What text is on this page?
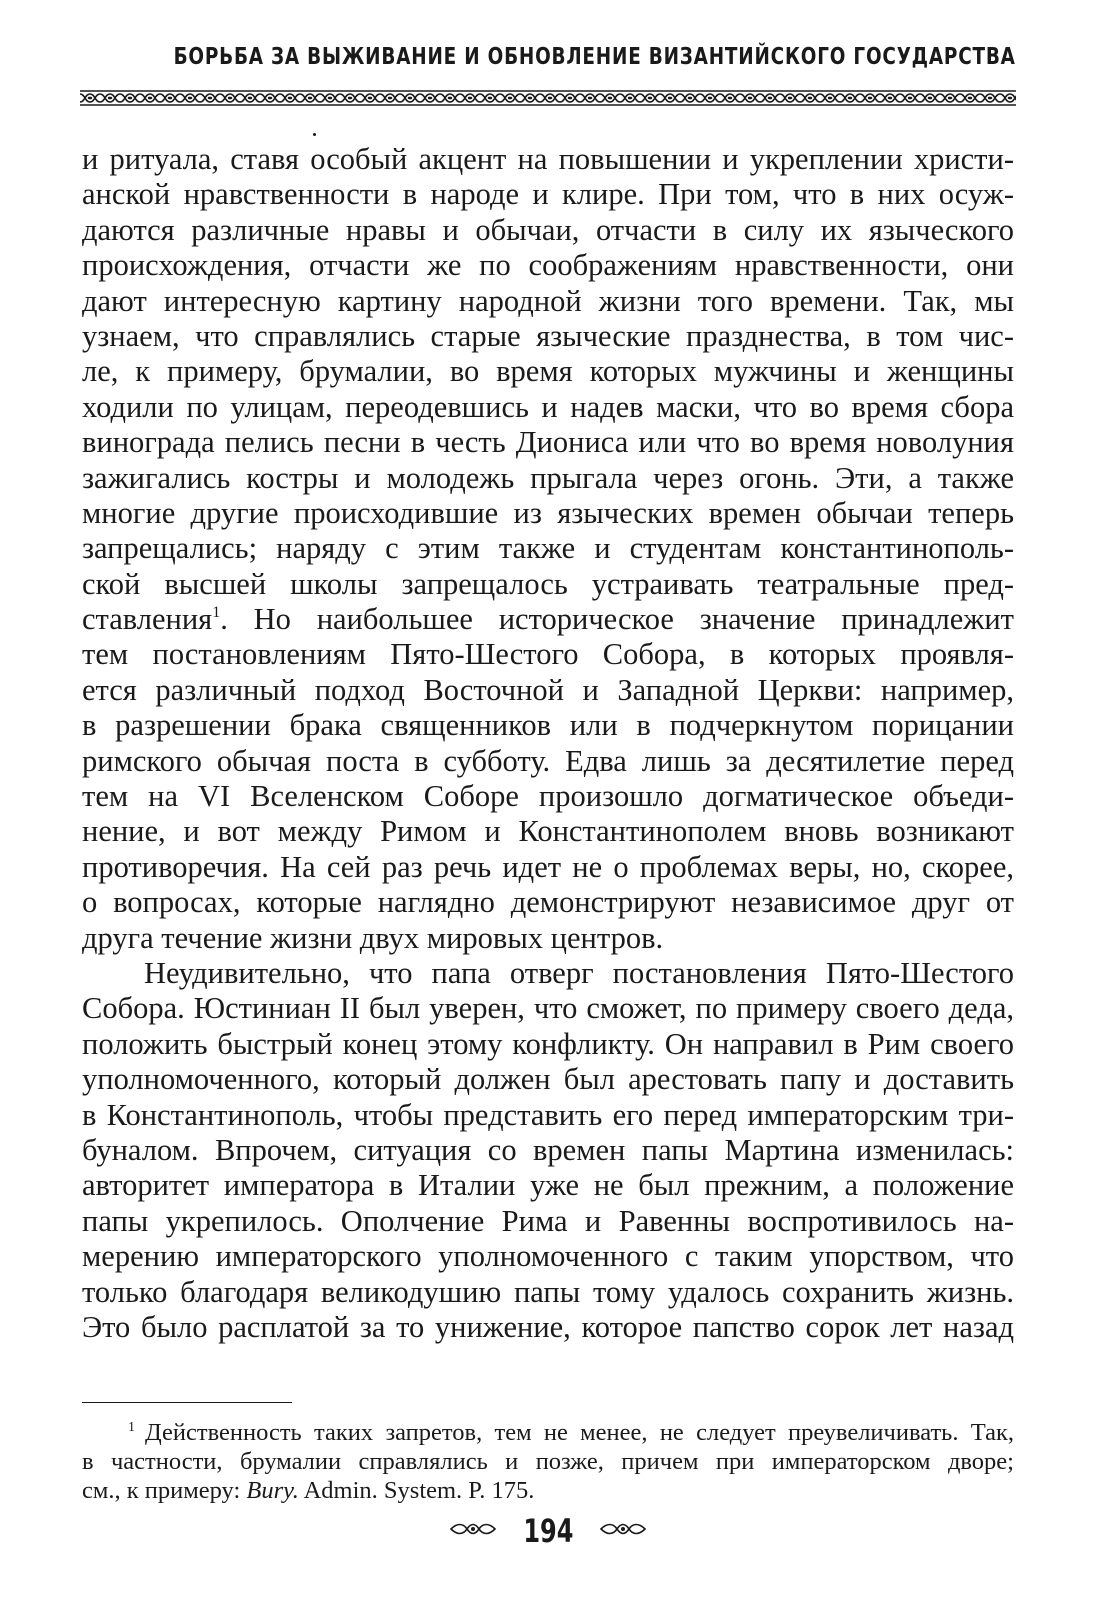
БОРЬБА ЗА ВЫЖИВАНИЕ И ОБНОВЛЕНИЕ ВИЗАНТИЙСКОГО ГОСУДАРСТВА
и ритуала, ставя особый акцент на повышении и укреплении христи-
анской нравственности в народе и клире. При том, что в них осуж-
даются различные нравы и обычаи, отчасти в силу их языческого
происхождения, отчасти же по соображениям нравственности, они
дают интересную картину народной жизни того времени. Так, мы
узнаем, что справлялись старые языческие празднества, в том чис-
ле, к примеру, брумалии, во время которых мужчины и женщины
ходили по улицам, переодевшись и надев маски, что во время сбора
винограда пелись песни в честь Диониса или что во время новолуния
зажигались костры и молодежь прыгала через огонь. Эти, а также
многие другие происходившие из языческих времен обычаи теперь
запрещались; наряду с этим также и студентам константинополь-
ской высшей школы запрещалось устраивать театральные пред-
ставления$^1$. Но наибольшее историческое значение принадлежит
тем постановлениям Пято-Шестого Собора, в которых проявля-
ется различный подход Восточной и Западной Церкви: например,
в разрешении брака священников или в подчеркнутом порицании
римского обычая поста в субботу. Едва лишь за десятилетие перед
тем на VI Вселенском Соборе произошло догматическое объеди-
нение, и вот между Римом и Константинополем вновь возникают
противоречия. На сей раз речь идет не о проблемах веры, но, скорее,
о вопросах, которые наглядно демонстрируют независимое друг от
друга течение жизни двух мировых центров.
Неудивительно, что папа отверг постановления Пято-Шестого
Собора. Юстиниан II был уверен, что сможет, по примеру своего деда,
положить быстрый конец этому конфликту. Он направил в Рим своего
уполномоченного, который должен был арестовать папу и доставить
в Константинополь, чтобы представить его перед императорским три-
буналом. Впрочем, ситуация со времен папы Мартина изменилась:
авторитет императора в Италии уже не был прежним, а положение
папы укрепилось. Ополчение Рима и Равенны воспротивилось на-
мерению императорского уполномоченного с таким упорством, что
только благодаря великодушию папы тому удалось сохранить жизнь.
Это было расплатой за то унижение, которое папство сорок лет назад
$^1$ Действенность таких запретов, тем не менее, не следует преувеличивать. Так,
в частности, брумалии справлялись и позже, причем при императорском дворе;
см., к примеру: Bury. Admin. System. P. 175.
194
